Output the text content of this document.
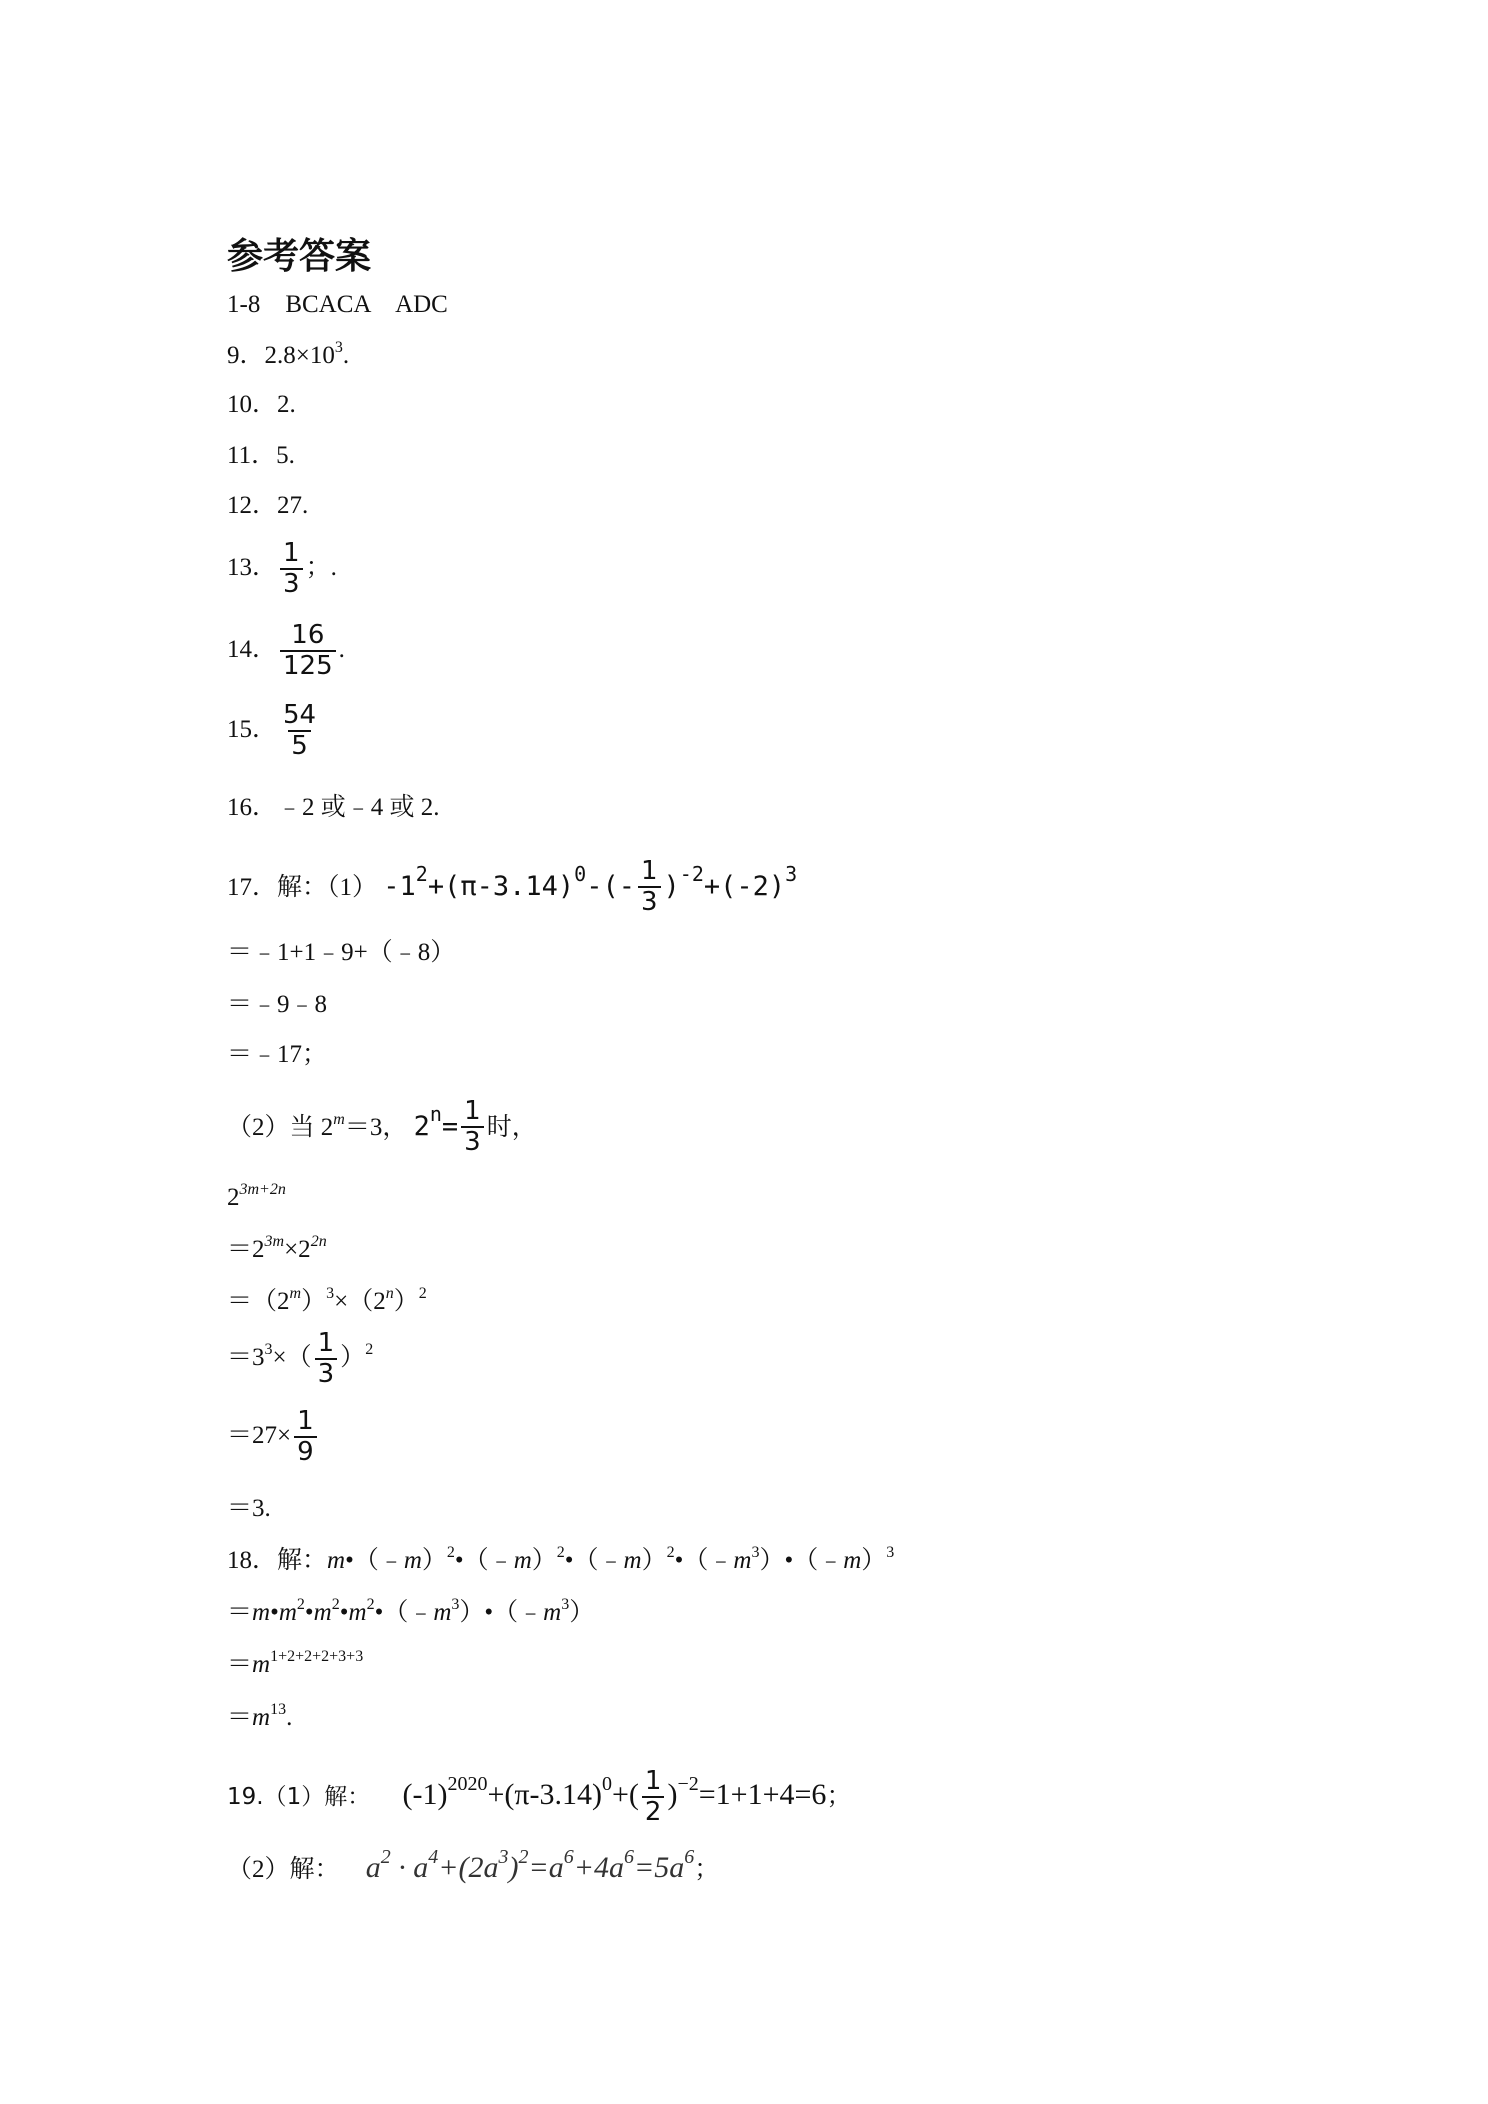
参考答案
1-8　BCACA　ADC
9．$2.8\times 10^3$.
10．2.
11．5.
12．27.
13． $\frac{1}{3}$ ；.
14． $\frac{16}{125}$ .
15． $\frac{54}{5}$
16．﹣2 或﹣4 或 2.
17．解：（1） $-1^2+(\pi-3.14)^0-(- \frac{1}{3} )^{-2}+(-2)^3$
＝﹣1+1﹣9+（﹣8）
＝﹣9﹣8
＝﹣17；
（2）当 $2^m=3$， $2^n= \frac{1}{3}$ 时，
$2^{3m+2n}$
$=2^{3m}\times 2^{2n}$
$=(2^m)^3\times(2^n)^2$
$=3^3\times( \frac{1}{3} )^2$
$=27\times \frac{1}{9}$
＝3.
18．解：$m•(﹣m)^2•(﹣m)^2•(﹣m)^2•(﹣m^3)•(﹣m)^3$
$=m•m^2•m^2•m^2•(﹣m^3)•(﹣m^3)$
$=m^{1+2+2+2+3+3}$
$=m^{13}$.
19.（1）解： $(-1)^{2020}+(\pi-3.14)^0+( \frac{1}{2} )^{-2}=1+1+4=6$；
（2）解： $a^2 \cdot a^4+(2a^3)^2=a^6+4a^6=5a^6$；
